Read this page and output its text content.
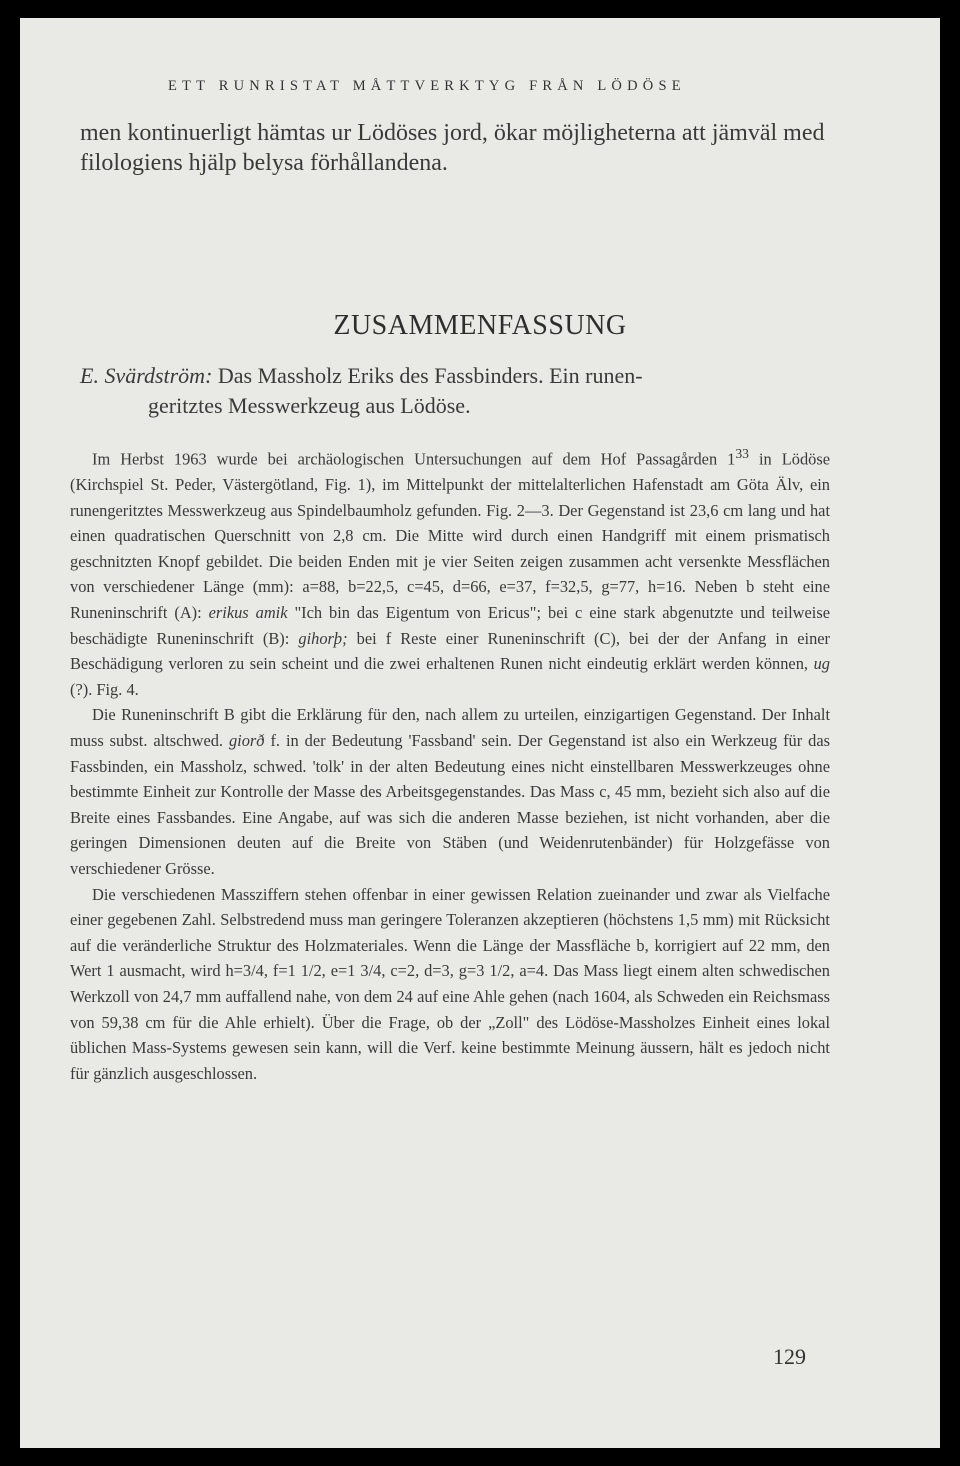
ETT RUNRISTAT MÅTTVERKTYG FRÅN LÖDÖSE

men kontinuerligt hämtas ur Lödöses jord, ökar möjligheterna att jämväl med filologiens hjälp belysa förhållandena.

ZUSAMMENFASSUNG
E. Svärdström: Das Massholz Eriks des Fassbinders. Ein runen-
geritztes Messwerkzeug aus Lödöse.

Im Herbst 1963 wurde bei archäologischen Untersuchungen auf dem Hof Passagården $1^{33}$ in Lödöse (Kirchspiel St. Peder, Västergötland, Fig. 1), im Mittelpunkt der mittelalterlichen Hafenstadt am Göta Älv, ein runengeritztes Messwerkzeug aus Spindelbaumholz gefunden. Fig. 2—3. Der Gegenstand ist 23,6 cm lang und hat einen quadratischen Querschnitt von 2,8 cm. Die Mitte wird durch einen Handgriff mit einem prismatisch geschnitzten Knopf gebildet. Die beiden Enden mit je vier Seiten zeigen zusammen acht versenkte Messflächen von verschiedener Länge (mm): a=88, b=22,5, c=45, d=66, e=37, f=32,5, g=77, h=16. Neben b steht eine Runeninschrift (A): erikus amik "Ich bin das Eigentum von Ericus"; bei c eine stark abgenutzte und teilweise beschädigte Runeninschrift (B): gihorþ; bei f Reste einer Runeninschrift (C), bei der der Anfang in einer Beschädigung verloren zu sein scheint und die zwei erhaltenen Runen nicht eindeutig erklärt werden können, ug (?). Fig. 4.

Die Runeninschrift B gibt die Erklärung für den, nach allem zu urteilen, einzigartigen Gegenstand. Der Inhalt muss subst. altschwed. giorð f. in der Bedeutung 'Fassband' sein. Der Gegenstand ist also ein Werkzeug für das Fassbinden, ein Massholz, schwed. 'tolk' in der alten Bedeutung eines nicht einstellbaren Messwerkzeuges ohne bestimmte Einheit zur Kontrolle der Masse des Arbeitsgegenstandes. Das Mass c, 45 mm, bezieht sich also auf die Breite eines Fassbandes. Eine Angabe, auf was sich die anderen Masse beziehen, ist nicht vorhanden, aber die geringen Dimensionen deuten auf die Breite von Stäben (und Weidenrutenbänder) für Holzgefässe von verschiedener Grösse.

Die verschiedenen Massziffern stehen offenbar in einer gewissen Relation zueinander und zwar als Vielfache einer gegebenen Zahl. Selbstredend muss man geringere Toleranzen akzeptieren (höchstens 1,5 mm) mit Rücksicht auf die veränderliche Struktur des Holzmateriales. Wenn die Länge der Massfläche b, korrigiert auf 22 mm, den Wert 1 ausmacht, wird h=3/4, f=1 1/2, e=1 3/4, c=2, d=3, g=3 1/2, a=4. Das Mass liegt einem alten schwedischen Werkzoll von 24,7 mm auffallend nahe, von dem 24 auf eine Ahle gehen (nach 1604, als Schweden ein Reichsmass von 59,38 cm für die Ahle erhielt). Über die Frage, ob der „Zoll" des Lödöse-Massholzes Einheit eines lokal üblichen Mass-Systems gewesen sein kann, will die Verf. keine bestimmte Meinung äussern, hält es jedoch nicht für gänzlich ausgeschlossen.

129
